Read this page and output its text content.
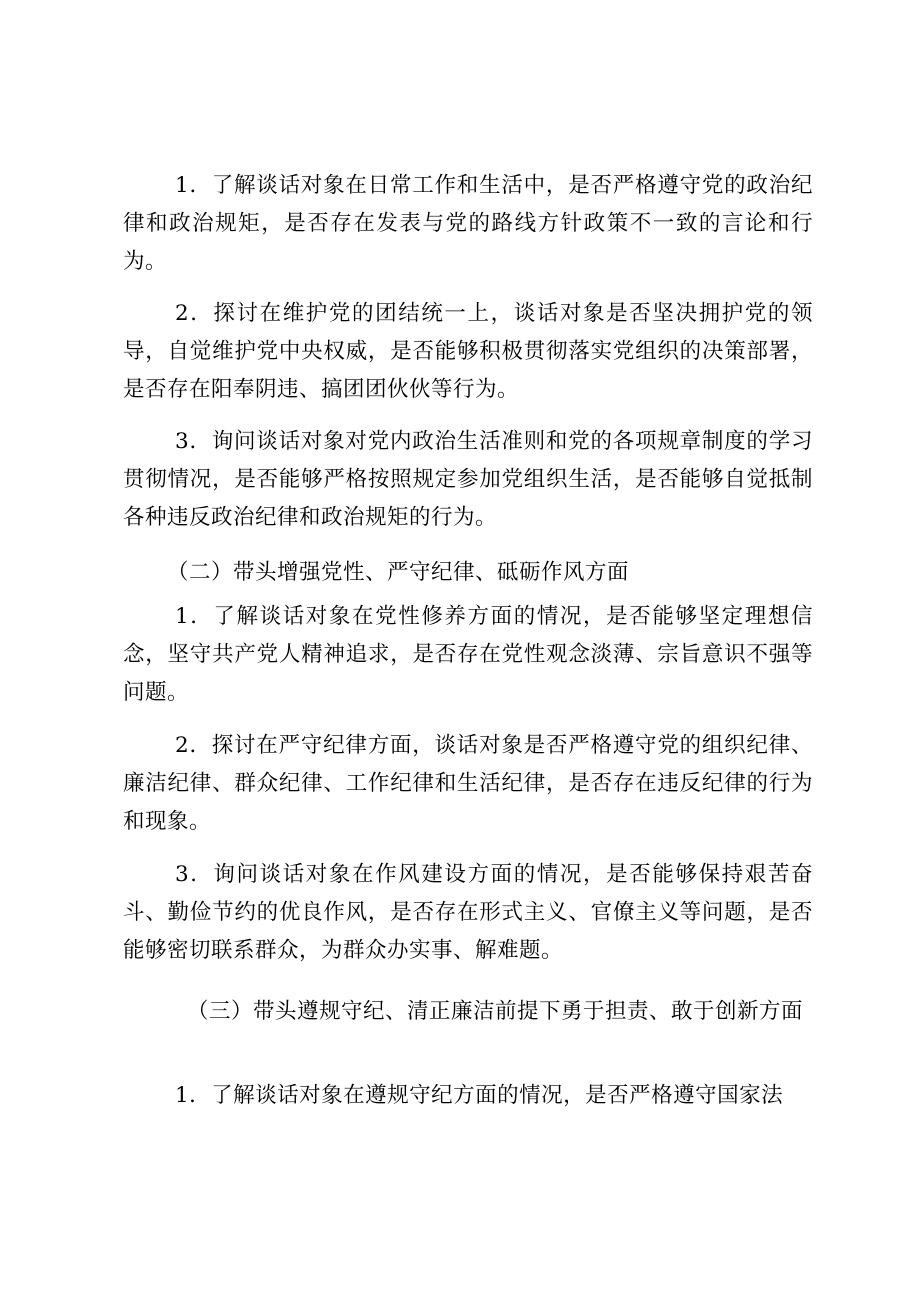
1．了解谈话对象在日常工作和生活中，是否严格遵守党的政治纪律和政治规矩，是否存在发表与党的路线方针政策不一致的言论和行为。

2．探讨在维护党的团结统一上，谈话对象是否坚决拥护党的领导，自觉维护党中央权威，是否能够积极贯彻落实党组织的决策部署，是否存在阳奉阴违、搞团团伙伙等行为。

3．询问谈话对象对党内政治生活准则和党的各项规章制度的学习贯彻情况，是否能够严格按照规定参加党组织生活，是否能够自觉抵制各种违反政治纪律和政治规矩的行为。

（二）带头增强党性、严守纪律、砥砺作风方面

1．了解谈话对象在党性修养方面的情况，是否能够坚定理想信念，坚守共产党人精神追求，是否存在党性观念淡薄、宗旨意识不强等问题。

2．探讨在严守纪律方面，谈话对象是否严格遵守党的组织纪律、廉洁纪律、群众纪律、工作纪律和生活纪律，是否存在违反纪律的行为和现象。

3．询问谈话对象在作风建设方面的情况，是否能够保持艰苦奋斗、勤俭节约的优良作风，是否存在形式主义、官僚主义等问题，是否能够密切联系群众，为群众办实事、解难题。

（三）带头遵规守纪、清正廉洁前提下勇于担责、敢于创新方面

1．了解谈话对象在遵规守纪方面的情况，是否严格遵守国家法
